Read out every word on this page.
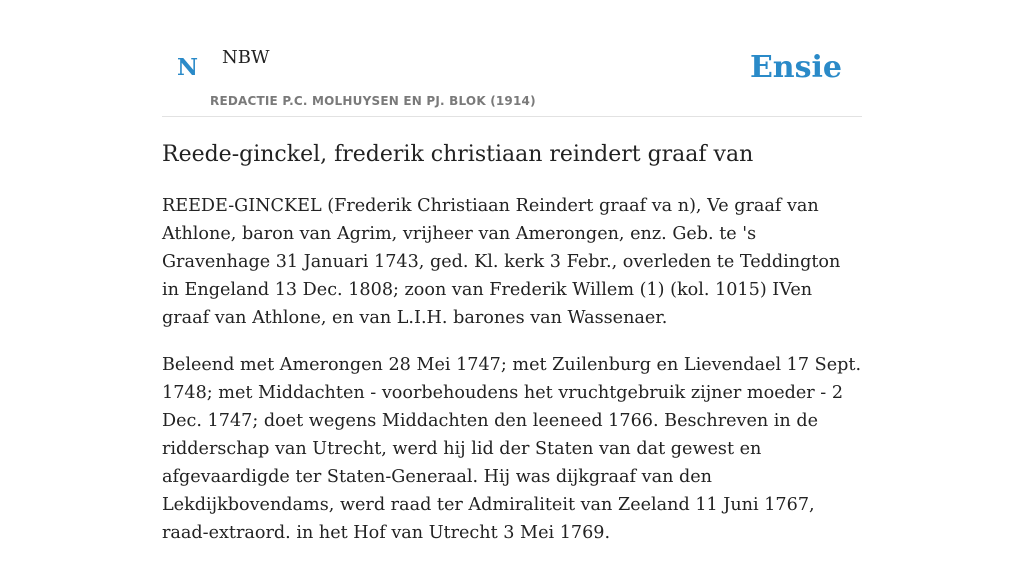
N NBW
REDACTIE P.C. MOLHUYSEN EN PJ. BLOK (1914)
Ensie
Reede-ginckel, frederik christiaan reindert graaf van

REEDE-GINCKEL (Frederik Christiaan Reindert graaf va n), Ve graaf van Athlone, baron van Agrim, vrijheer van Amerongen, enz. Geb. te 's Gravenhage 31 Januari 1743, ged. Kl. kerk 3 Febr., overleden te Teddington in Engeland 13 Dec. 1808; zoon van Frederik Willem (1) (kol. 1015) IVen graaf van Athlone, en van L.I.H. barones van Wassenaer.

Beleend met Amerongen 28 Mei 1747; met Zuilenburg en Lievendael 17 Sept. 1748; met Middachten - voorbehoudens het vruchtgebruik zijner moeder - 2 Dec. 1747; doet wegens Middachten den leeneed 1766. Beschreven in de ridderschap van Utrecht, werd hij lid der Staten van dat gewest en afgevaardigde ter Staten-Generaal. Hij was dijkgraaf van den Lekdijkbovendams, werd raad ter Admiraliteit van Zeeland 11 Juni 1767, raad-extraord. in het Hof van Utrecht 3 Mei 1769.
